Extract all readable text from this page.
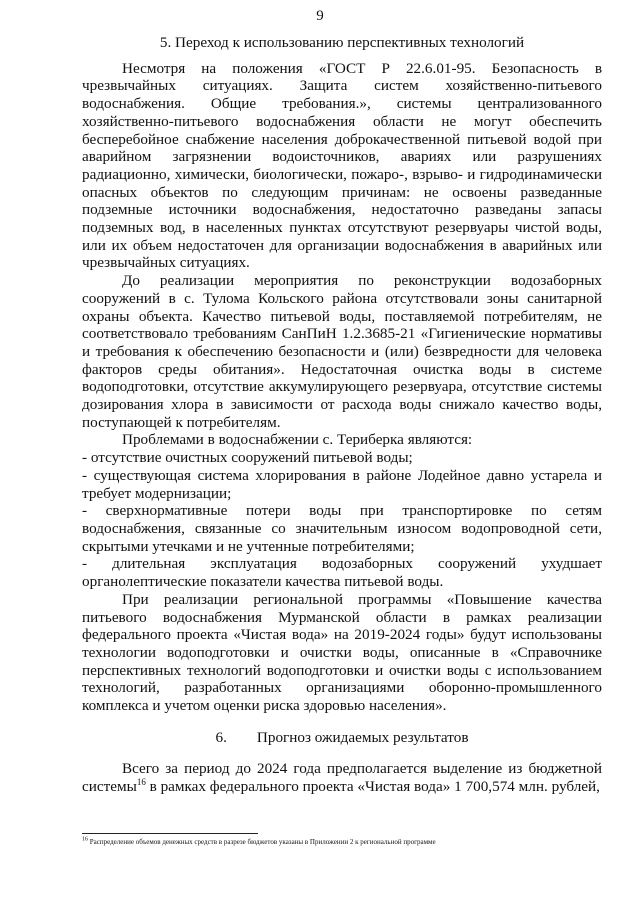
9
5. Переход к использованию перспективных технологий

Несмотря на положения «ГОСТ Р 22.6.01-95. Безопасность в чрезвычайных ситуациях. Защита систем хозяйственно-питьевого водоснабжения. Общие требования.», системы централизованного хозяйственно-питьевого водоснабжения области не могут обеспечить бесперебойное снабжение населения доброкачественной питьевой водой при аварийном загрязнении водоисточников, авариях или разрушениях радиационно, химически, биологически, пожаро-, взрыво- и гидродинамически опасных объектов по следующим причинам: не освоены разведанные подземные источники водоснабжения, недостаточно разведаны запасы подземных вод, в населенных пунктах отсутствуют резервуары чистой воды, или их объем недостаточен для организации водоснабжения в аварийных или чрезвычайных ситуациях.

До реализации мероприятия по реконструкции водозаборных сооружений в с. Тулома Кольского района отсутствовали зоны санитарной охраны объекта. Качество питьевой воды, поставляемой потребителям, не соответствовало требованиям СанПиН 1.2.3685-21 «Гигиенические нормативы и требования к обеспечению безопасности и (или) безвредности для человека факторов среды обитания». Недостаточная очистка воды в системе водоподготовки, отсутствие аккумулирующего резервуара, отсутствие системы дозирования хлора в зависимости от расхода воды снижало качество воды, поступающей к потребителям.

Проблемами в водоснабжении с. Териберка являются:

- отсутствие очистных сооружений питьевой воды;

- существующая система хлорирования в районе Лодейное давно устарела и требует модернизации;

- сверхнормативные потери воды при транспортировке по сетям водоснабжения, связанные со значительным износом водопроводной сети, скрытыми утечками и не учтенные потребителями;

- длительная эксплуатация водозаборных сооружений ухудшает органолептические показатели качества питьевой воды.

При реализации региональной программы «Повышение качества питьевого водоснабжения Мурманской области в рамках реализации федерального проекта «Чистая вода» на 2019-2024 годы» будут использованы технологии водоподготовки и очистки воды, описанные в «Справочнике перспективных технологий водоподготовки и очистки воды с использованием технологий, разработанных организациями оборонно-промышленного комплекса и учетом оценки риска здоровью населения».

6. Прогноз ожидаемых результатов

Всего за период до 2024 года предполагается выделение из бюджетной системы$^{16}$ в рамках федерального проекта «Чистая вода» 1 700,574 млн. рублей,

$^{16}$ Распределение объемов денежных средств в разрезе бюджетов указаны в Приложении 2 к региональной программе
